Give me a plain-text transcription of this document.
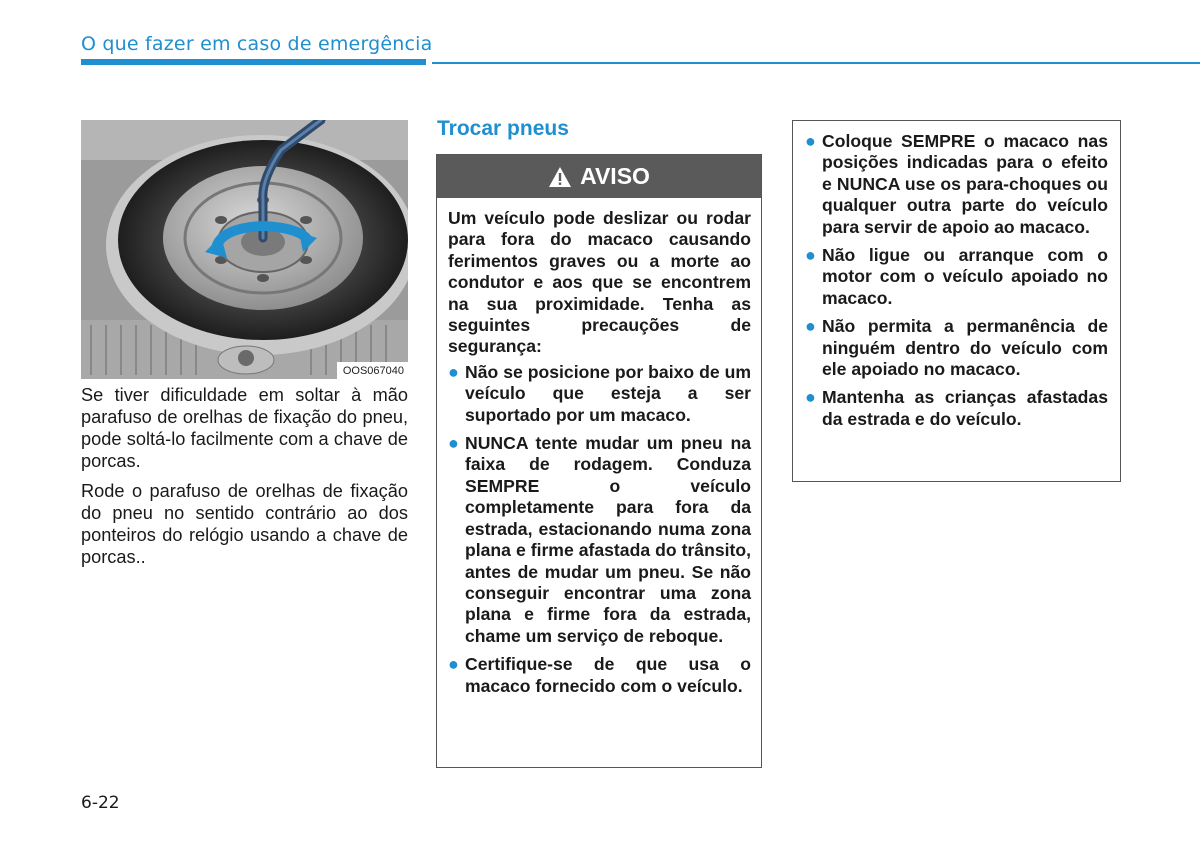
O que fazer em caso de emergência
OOS067040

Se tiver dificuldade em soltar à mão parafuso de orelhas de fixação do pneu, pode soltá-lo facilmente com a chave de porcas.

Rode o parafuso de orelhas de fixação do pneu no sentido contrário ao dos ponteiros do relógio usando a chave de porcas..

Trocar pneus
AVISO

Um veículo pode deslizar ou rodar para fora do macaco causando ferimentos graves ou a morte ao condutor e aos que se encontrem na sua proximidade. Tenha as seguintes precauções de segurança:

● Não se posicione por baixo de um veículo que esteja a ser suportado por um macaco.
● NUNCA tente mudar um pneu na faixa de rodagem. Conduza SEMPRE o veículo completamente para fora da estrada, estacionando numa zona plana e firme afastada do trânsito, antes de mudar um pneu. Se não conseguir encontrar uma zona plana e firme fora da estrada, chame um serviço de reboque.
● Certifique-se de que usa o macaco fornecido com o veículo.
● Coloque SEMPRE o macaco nas posições indicadas para o efeito e NUNCA use os para-choques ou qualquer outra parte do veículo para servir de apoio ao macaco.
● Não ligue ou arranque com o motor com o veículo apoiado no macaco.
● Não permita a permanência de ninguém dentro do veículo com ele apoiado no macaco.
● Mantenha as crianças afastadas da estrada e do veículo.
6-22
